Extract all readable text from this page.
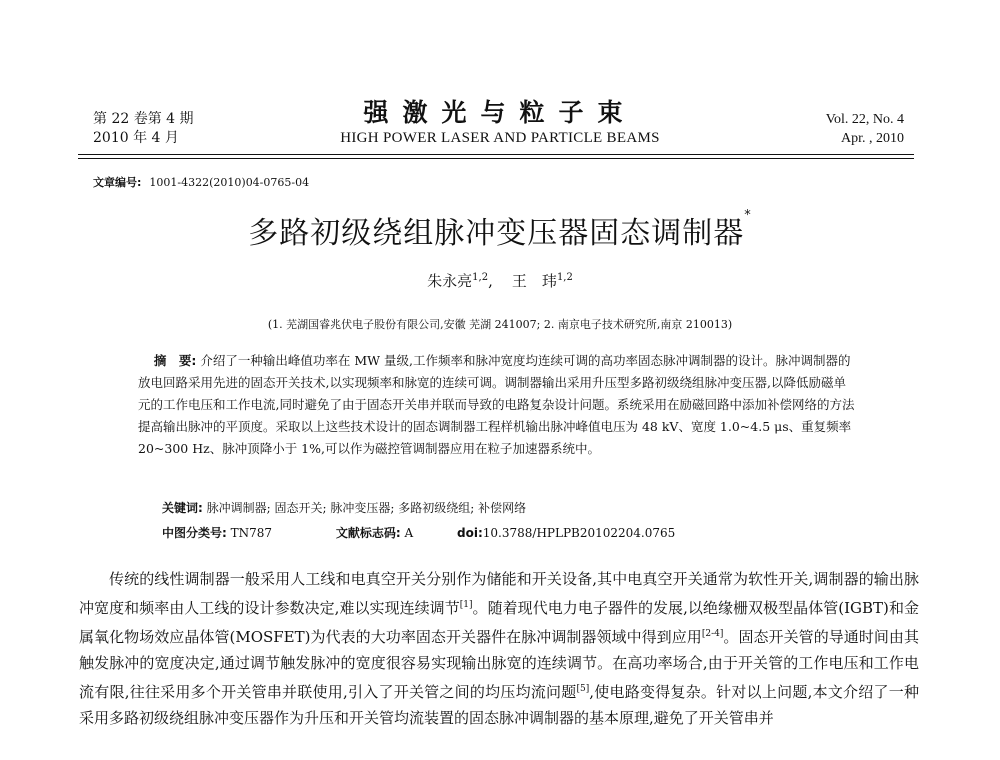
第 22 卷第 4 期
2010 年 4 月
强激光与粒子束
HIGH POWER LASER AND PARTICLE BEAMS
Vol. 22, No. 4
Apr. , 2010
文章编号: 1001-4322(2010)04-0765-04
多路初级绕组脉冲变压器固态调制器*
朱永亮$^{1,2}$,    王　玮$^{1,2}$
(1. 芜湖国睿兆伏电子股份有限公司,安徽 芜湖 241007; 2. 南京电子技术研究所,南京 210013)
摘　要: 介绍了一种输出峰值功率在 MW 量级,工作频率和脉冲宽度均连续可调的高功率固态脉冲调制器的设计。脉冲调制器的放电回路采用先进的固态开关技术,以实现频率和脉宽的连续可调。调制器输出采用升压型多路初级绕组脉冲变压器,以降低励磁单元的工作电压和工作电流,同时避免了由于固态开关串并联而导致的电路复杂设计问题。系统采用在励磁回路中添加补偿网络的方法提高输出脉冲的平顶度。采取以上这些技术设计的固态调制器工程样机输出脉冲峰值电压为 48 kV、宽度 1.0~4.5 μs、重复频率 20~300 Hz、脉冲顶降小于 1%,可以作为磁控管调制器应用在粒子加速器系统中。
关键词: 脉冲调制器; 固态开关; 脉冲变压器; 多路初级绕组; 补偿网络
中图分类号: TN787	文献标志码: A	doi:10.3788/HPLPB20102204.0765

传统的线性调制器一般采用人工线和电真空开关分别作为储能和开关设备,其中电真空开关通常为软性开关,调制器的输出脉冲宽度和频率由人工线的设计参数决定,难以实现连续调节[1]。随着现代电力电子器件的发展,以绝缘栅双极型晶体管(IGBT)和金属氧化物场效应晶体管(MOSFET)为代表的大功率固态开关器件在脉冲调制器领域中得到应用[2-4]。固态开关管的导通时间由其触发脉冲的宽度决定,通过调节触发脉冲的宽度很容易实现输出脉宽的连续调节。在高功率场合,由于开关管的工作电压和工作电流有限,往往采用多个开关管串并联使用,引入了开关管之间的均压均流问题[5],使电路变得复杂。针对以上问题,本文介绍了一种采用多路初级绕组脉冲变压器作为升压和开关管均流装置的固态脉冲调制器的基本原理,避免了开关管串并
